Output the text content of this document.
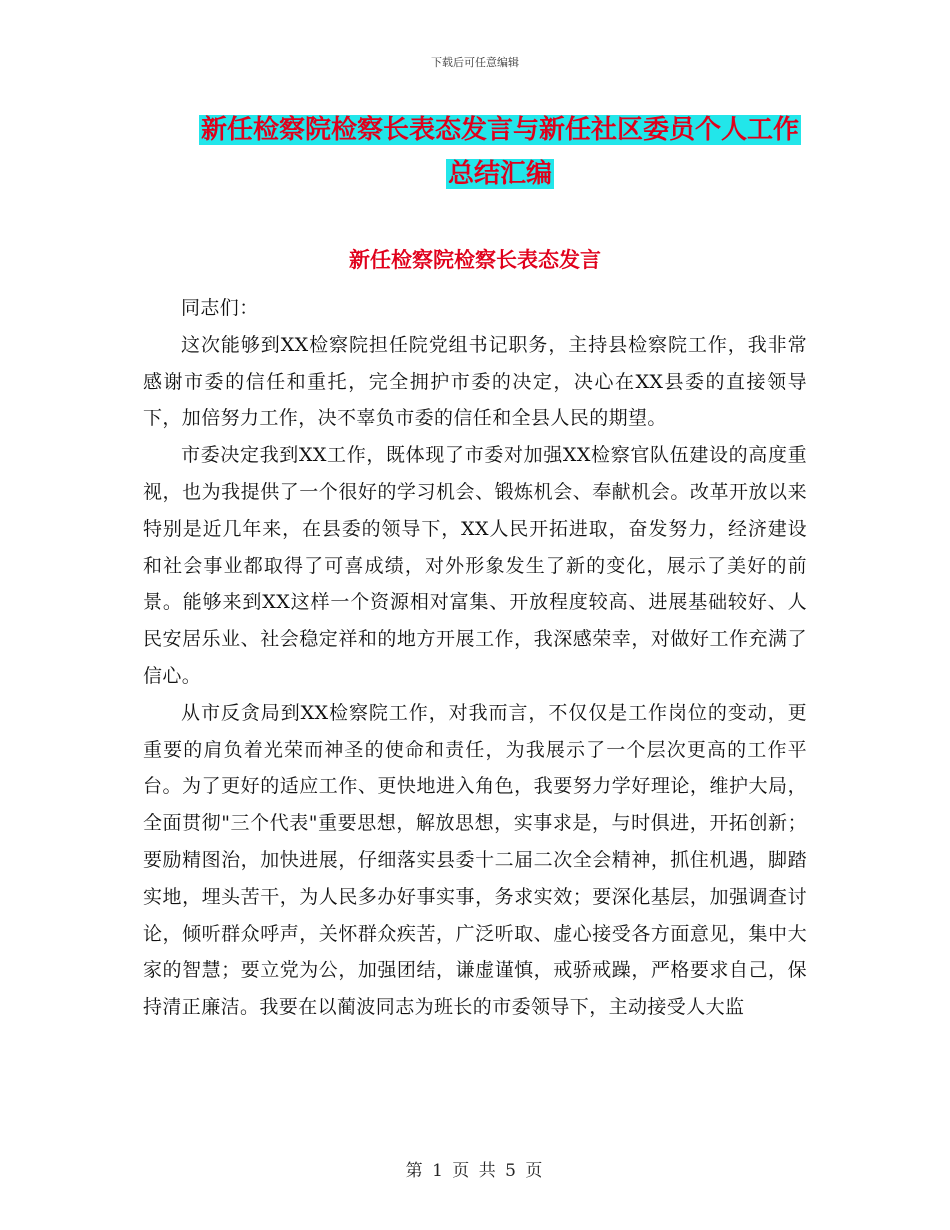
下载后可任意编辑
新任检察院检察长表态发言与新任社区委员个人工作
总结汇编
新任检察院检察长表态发言

同志们：

这次能够到XX检察院担任院党组书记职务，主持县检察院工作，我非常感谢市委的信任和重托，完全拥护市委的决定，决心在XX县委的直接领导下，加倍努力工作，决不辜负市委的信任和全县人民的期望。

市委决定我到XX工作，既体现了市委对加强XX检察官队伍建设的高度重视，也为我提供了一个很好的学习机会、锻炼机会、奉献机会。改革开放以来特别是近几年来，在县委的领导下，XX人民开拓进取，奋发努力，经济建设和社会事业都取得了可喜成绩，对外形象发生了新的变化，展示了美好的前景。能够来到XX这样一个资源相对富集、开放程度较高、进展基础较好、人民安居乐业、社会稳定祥和的地方开展工作，我深感荣幸，对做好工作充满了信心。

从市反贪局到XX检察院工作，对我而言，不仅仅是工作岗位的变动，更重要的肩负着光荣而神圣的使命和责任，为我展示了一个层次更高的工作平台。为了更好的适应工作、更快地进入角色，我要努力学好理论，维护大局，全面贯彻"三个代表"重要思想，解放思想，实事求是，与时俱进，开拓创新；要励精图治，加快进展，仔细落实县委十二届二次全会精神，抓住机遇，脚踏实地，埋头苦干，为人民多办好事实事，务求实效；要深化基层，加强调查讨论，倾听群众呼声，关怀群众疾苦，广泛听取、虚心接受各方面意见，集中大家的智慧；要立党为公，加强团结，谦虚谨慎，戒骄戒躁，严格要求自己，保持清正廉洁。我要在以蔺波同志为班长的市委领导下，主动接受人大监

第 1 页 共 5 页
